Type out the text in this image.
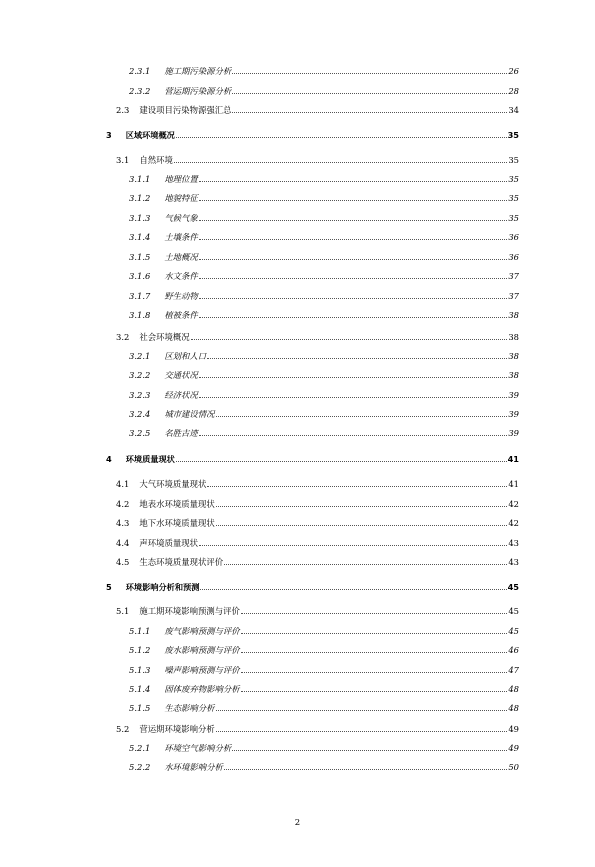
2.3.1 施工期污染源分析	26
2.3.2 营运期污染源分析	28
2.3 建设项目污染物源强汇总	34
3 区域环境概况	35
3.1 自然环境	35
3.1.1 地理位置	35
3.1.2 地貌特征	35
3.1.3 气候气象	35
3.1.4 土壤条件	36
3.1.5 土地概况	36
3.1.6 水文条件	37
3.1.7 野生动物	37
3.1.8 植被条件	38
3.2 社会环境概况	38
3.2.1 区划和人口	38
3.2.2 交通状况	38
3.2.3 经济状况	39
3.2.4 城市建设情况	39
3.2.5 名胜古迹	39
4 环境质量现状	41
4.1 大气环境质量现状	41
4.2 地表水环境质量现状	42
4.3 地下水环境质量现状	42
4.4 声环境质量现状	43
4.5 生态环境质量现状评价	43
5 环境影响分析和预测	45
5.1 施工期环境影响预测与评价	45
5.1.1 废气影响预测与评价	45
5.1.2 废水影响预测与评价	46
5.1.3 噪声影响预测与评价	47
5.1.4 固体废弃物影响分析	48
5.1.5 生态影响分析	48
5.2 营运期环境影响分析	49
5.2.1 环境空气影响分析	49
5.2.2 水环境影响分析	50
2
